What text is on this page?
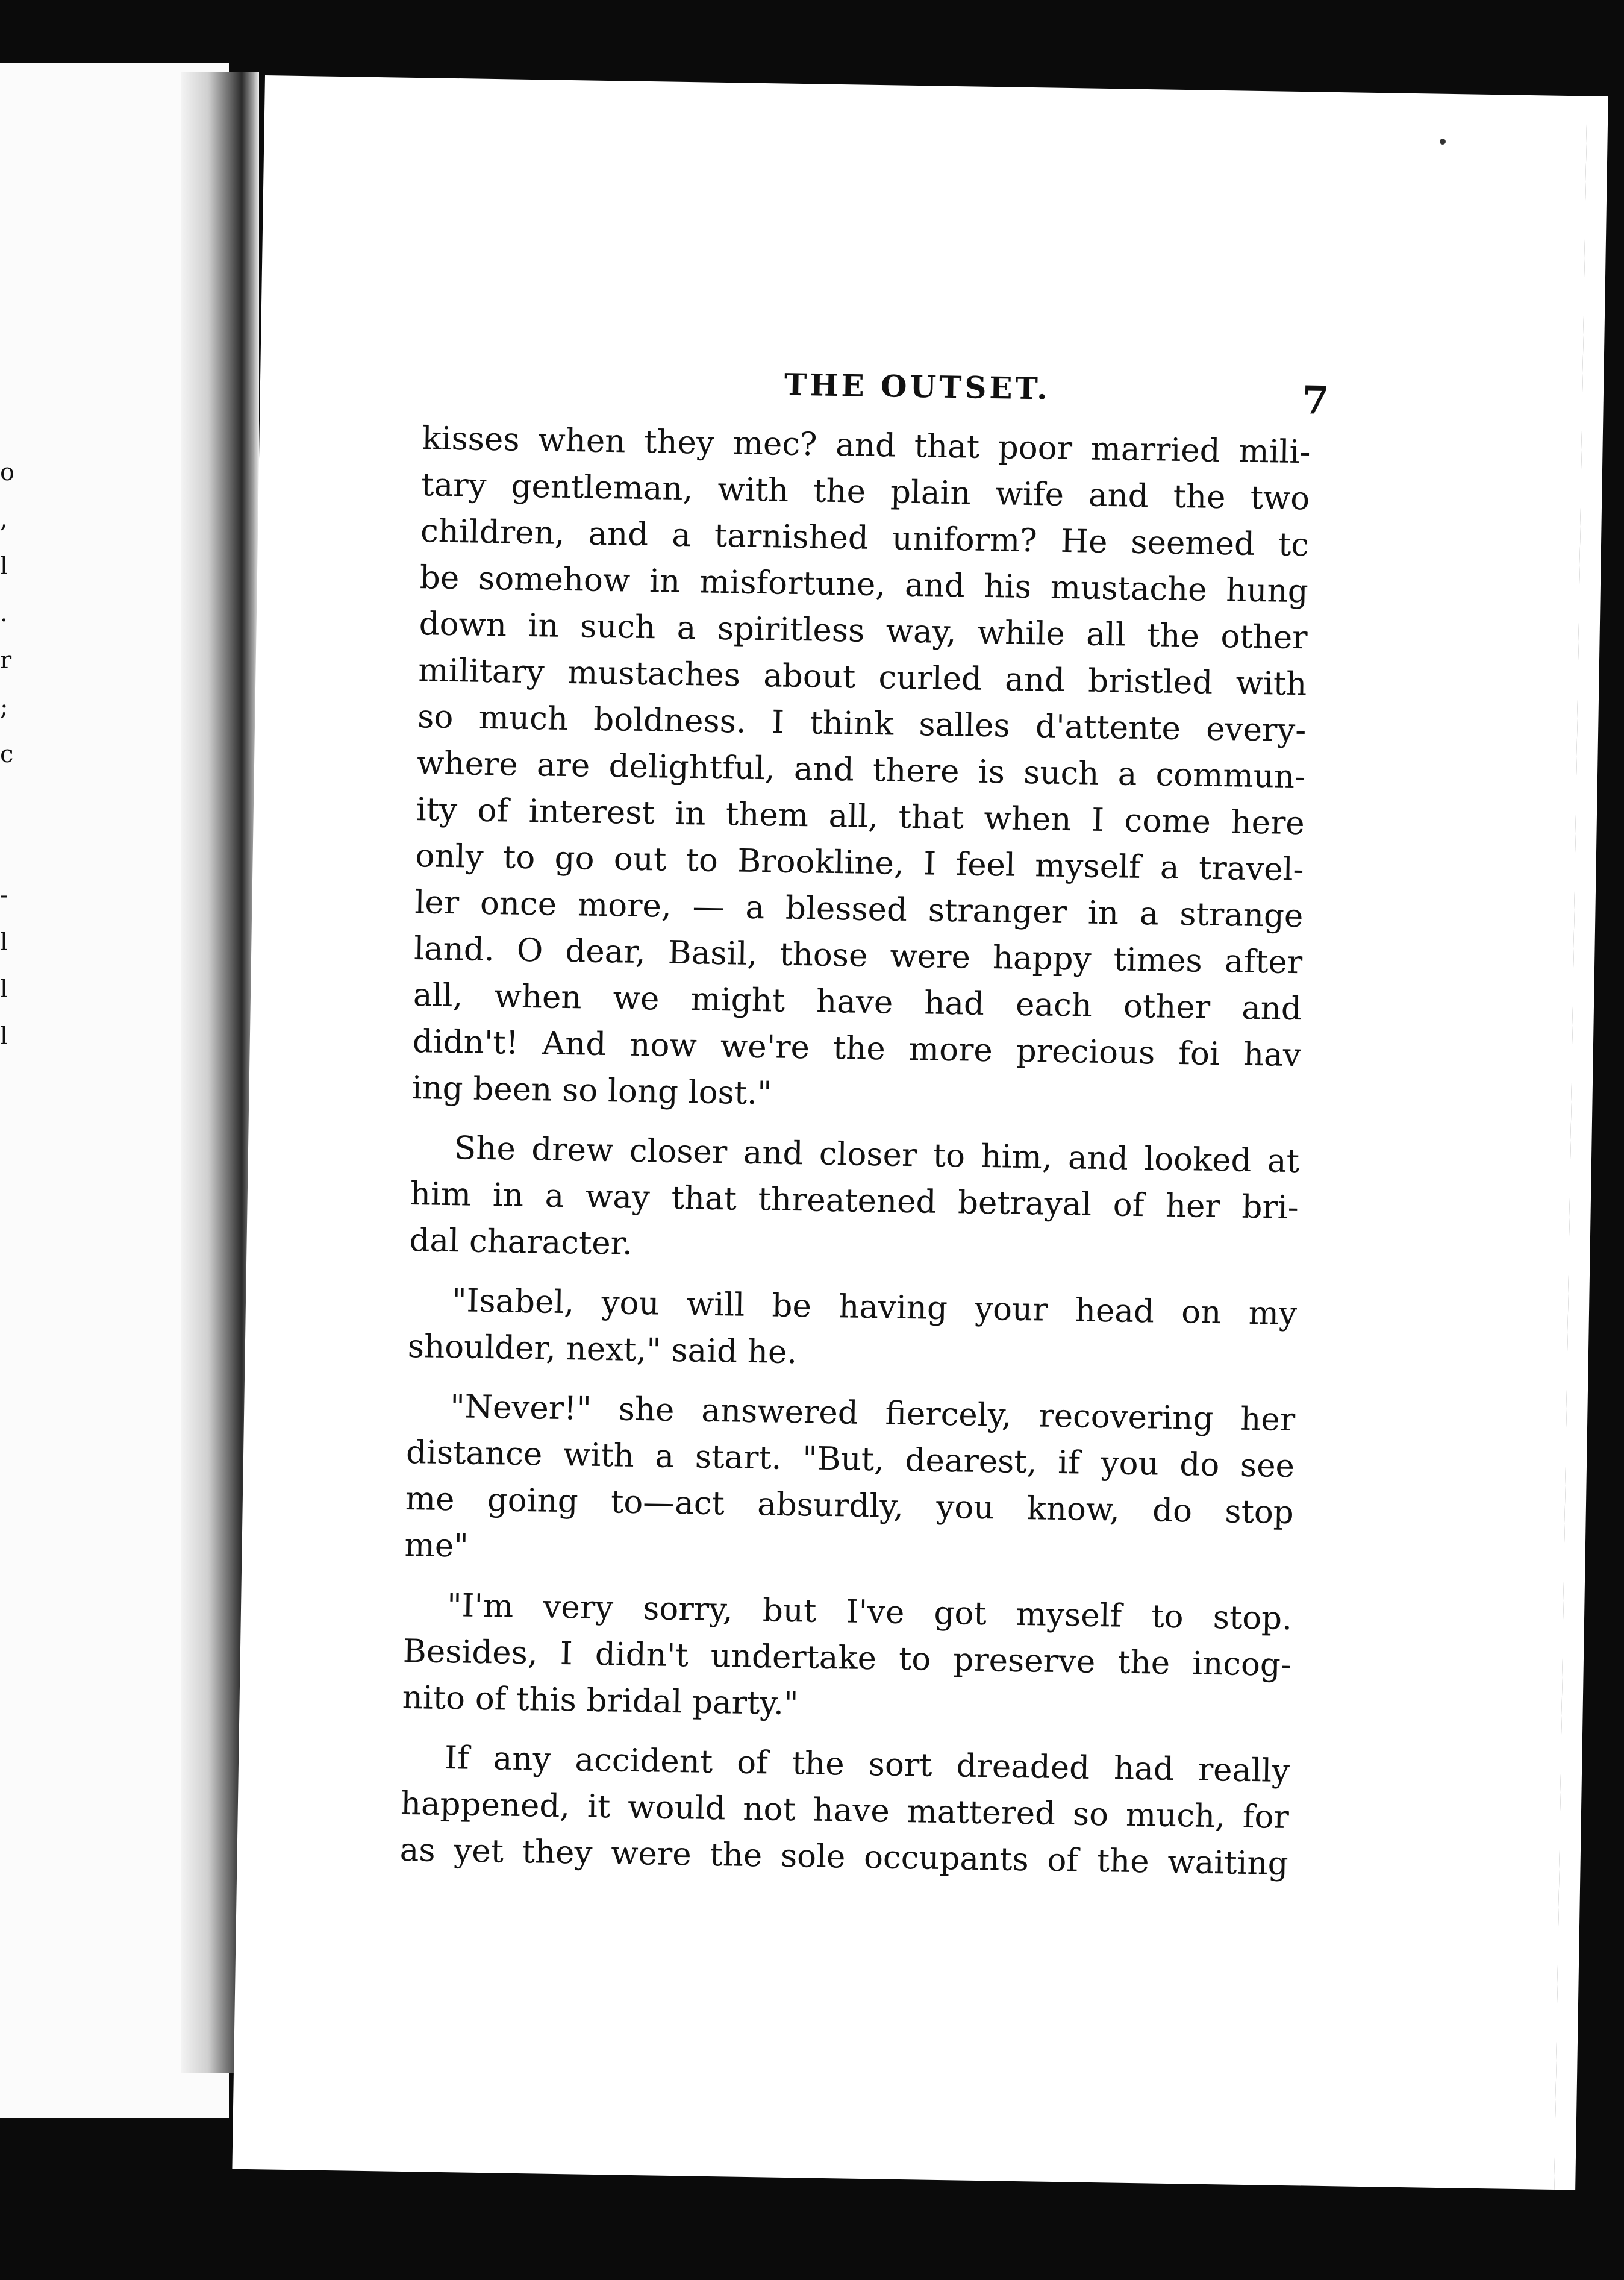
o
,
l
.
r
;
c

-
l
l
l
THE OUTSET.	7
kisses when they mec? and that poor married mili-
tary gentleman, with the plain wife and the two
children, and a tarnished uniform? He seemed tc
be somehow in misfortune, and his mustache hung
down in such a spiritless way, while all the other
military mustaches about curled and bristled with
so much boldness. I think salles d'attente every-
where are delightful, and there is such a commun-
ity of interest in them all, that when I come here
only to go out to Brookline, I feel myself a travel-
ler once more, — a blessed stranger in a strange
land. O dear, Basil, those were happy times after
all, when we might have had each other and
didn't! And now we're the more precious foi hav
ing been so long lost."
She drew closer and closer to him, and looked at
him in a way that threatened betrayal of her bri-
dal character.
"Isabel, you will be having your head on my
shoulder, next," said he.
"Never!" she answered fiercely, recovering her
distance with a start. "But, dearest, if you do see
me going to—act absurdly, you know, do stop
me"
"I'm very sorry, but I've got myself to stop.
Besides, I didn't undertake to preserve the incog-
nito of this bridal party."
If any accident of the sort dreaded had really
happened, it would not have mattered so much, for
as yet they were the sole occupants of the waiting
